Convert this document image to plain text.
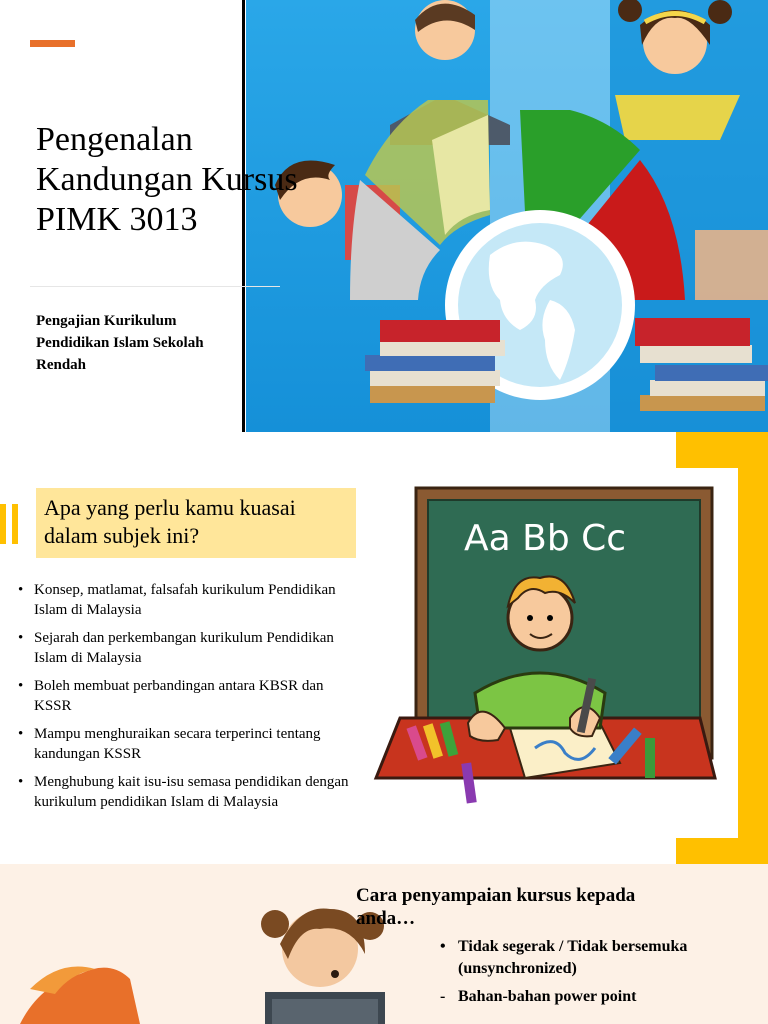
Pengenalan
Kandungan Kursus
PIMK 3013
Pengajian Kurikulum
Pendidikan Islam Sekolah
Rendah
Apa yang perlu kamu kuasai
dalam subjek ini?
• Konsep, matlamat, falsafah kurikulum Pendidikan Islam di Malaysia
• Sejarah dan perkembangan kurikulum Pendidikan Islam di Malaysia
• Boleh membuat perbandingan antara KBSR dan KSSR
• Mampu menghuraikan secara terperinci tentang kandungan KSSR
• Menghubung kait isu-isu semasa pendidikan dengan kurikulum pendidikan Islam di Malaysia
Aa Bb Cc
Cara penyampaian kursus kepada
anda…
• Tidak segerak / Tidak bersemuka (unsynchronized)
- Bahan-bahan power point
